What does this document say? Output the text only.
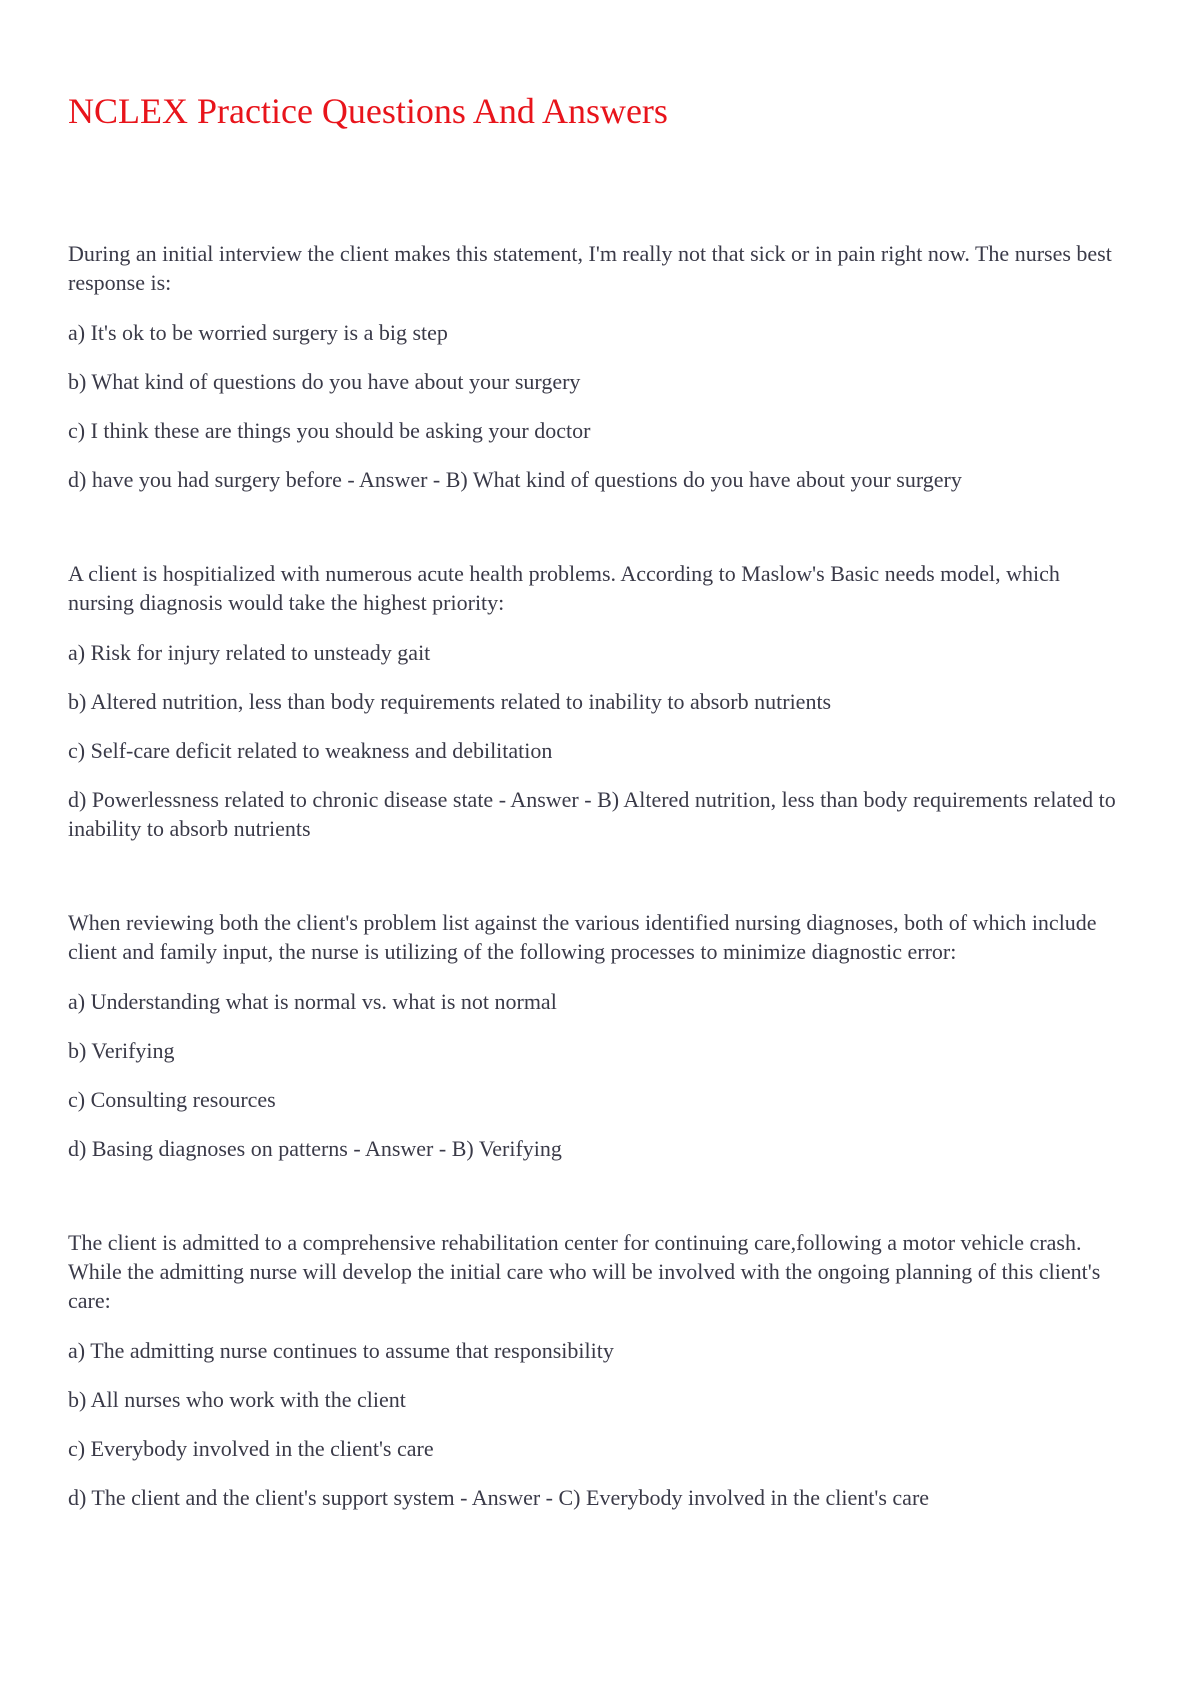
NCLEX Practice Questions And Answers

During an initial interview the client makes this statement, I'm really not that sick or in pain right now. The nurses best response is:

a) It's ok to be worried surgery is a big step

b) What kind of questions do you have about your surgery

c) I think these are things you should be asking your doctor

d) have you had surgery before - Answer - B) What kind of questions do you have about your surgery

A client is hospitialized with numerous acute health problems. According to Maslow's Basic needs model, which nursing diagnosis would take the highest priority:

a) Risk for injury related to unsteady gait

b) Altered nutrition, less than body requirements related to inability to absorb nutrients

c) Self-care deficit related to weakness and debilitation

d) Powerlessness related to chronic disease state - Answer - B) Altered nutrition, less than body requirements related to inability to absorb nutrients

When reviewing both the client's problem list against the various identified nursing diagnoses, both of which include client and family input, the nurse is utilizing of the following processes to minimize diagnostic error:

a) Understanding what is normal vs. what is not normal

b) Verifying

c) Consulting resources

d) Basing diagnoses on patterns - Answer - B) Verifying

The client is admitted to a comprehensive rehabilitation center for continuing care,following a motor vehicle crash. While the admitting nurse will develop the initial care who will be involved with the ongoing planning of this client's care:

a) The admitting nurse continues to assume that responsibility

b) All nurses who work with the client

c) Everybody involved in the client's care

d) The client and the client's support system - Answer - C) Everybody involved in the client's care
